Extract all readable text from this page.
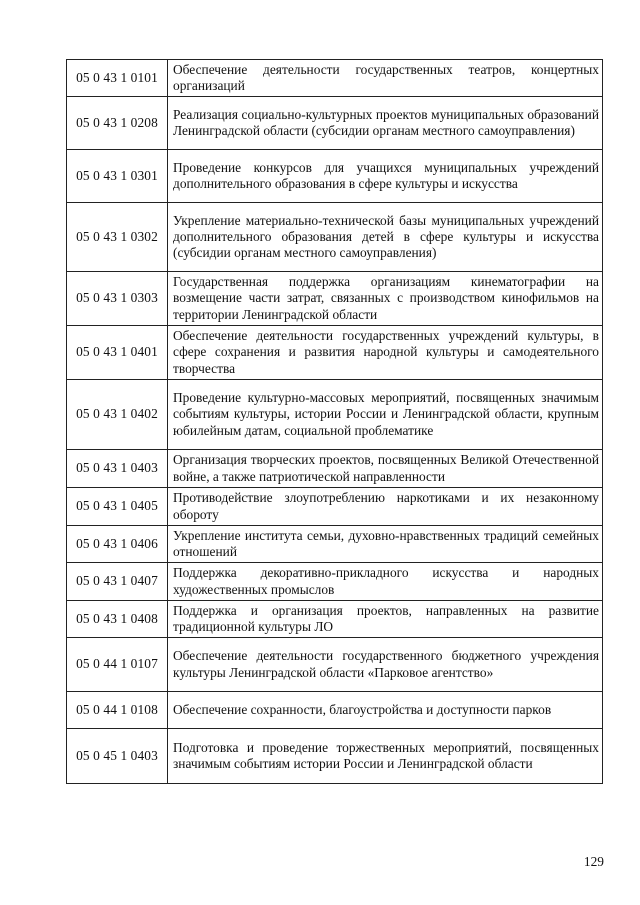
05 0 43 1 0101	Обеспечение деятельности государственных театров, концертных организаций
05 0 43 1 0208	Реализация социально-культурных проектов муниципальных образований Ленинградской области (субсидии органам местного самоуправления)
05 0 43 1 0301	Проведение конкурсов для учащихся муниципальных учреждений дополнительного образования в сфере культуры и искусства
05 0 43 1 0302	Укрепление материально-технической базы муниципальных учреждений дополнительного образования детей в сфере культуры и искусства (субсидии органам местного самоуправления)
05 0 43 1 0303	Государственная поддержка организациям кинематографии на возмещение части затрат, связанных с производством кинофильмов на территории Ленинградской области
05 0 43 1 0401	Обеспечение деятельности государственных учреждений культуры, в сфере сохранения и развития народной культуры и самодеятельного творчества
05 0 43 1 0402	Проведение культурно-массовых мероприятий, посвященных значимым событиям культуры, истории России и Ленинградской области, крупным юбилейным датам, социальной проблематике
05 0 43 1 0403	Организация творческих проектов, посвященных Великой Отечественной войне, а также патриотической направленности
05 0 43 1 0405	Противодействие злоупотреблению наркотиками и их незаконному обороту
05 0 43 1 0406	Укрепление института семьи, духовно-нравственных традиций семейных отношений
05 0 43 1 0407	Поддержка декоративно-прикладного искусства и народных художественных промыслов
05 0 43 1 0408	Поддержка и организация проектов, направленных на развитие традиционной культуры ЛО
05 0 44 1 0107	Обеспечение деятельности государственного бюджетного учреждения культуры Ленинградской области «Парковое агентство»
05 0 44 1 0108	Обеспечение сохранности, благоустройства и доступности парков
05 0 45 1 0403	Подготовка и проведение торжественных мероприятий, посвященных значимым событиям истории России и Ленинградской области
129
